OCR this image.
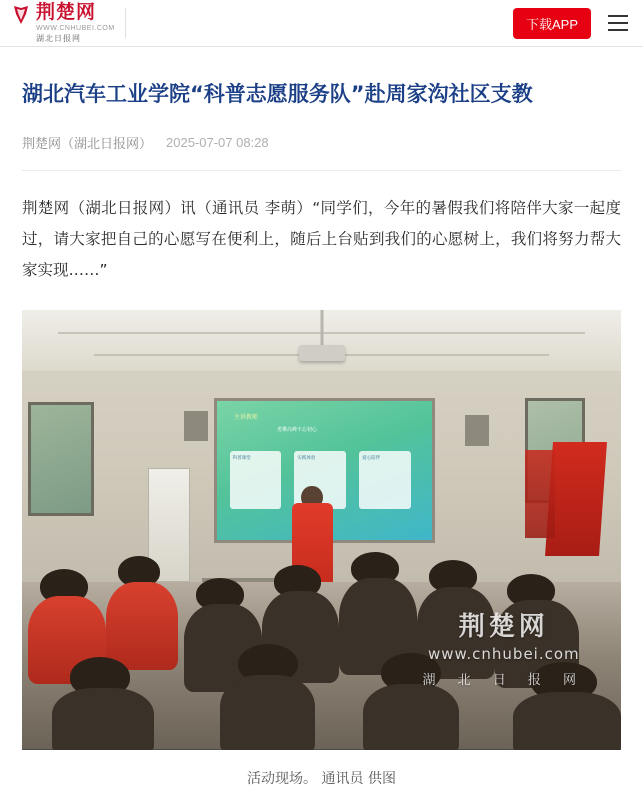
荆楚网
WWW.CNHUBEI.COM
湖北日报网
下载APP
湖北汽车工业学院“科普志愿服务队”赴周家沟社区支教
荆楚网（湖北日报网） 2025-07-07 08:28

荆楚网（湖北日报网）讯（通讯员 李萌）“同学们，今年的暑假我们将陪伴大家一起度过，请大家把自己的心愿写在便利上，随后上台贴到我们的心愿树上，我们将努力帮大家实现……”

主讲教师
勇攀高峰不忘初心
科普课堂	实践体验	爱心陪伴
荆楚网
www.cnhubei.com
湖 北 日 报 网
活动现场。 通讯员 供图
